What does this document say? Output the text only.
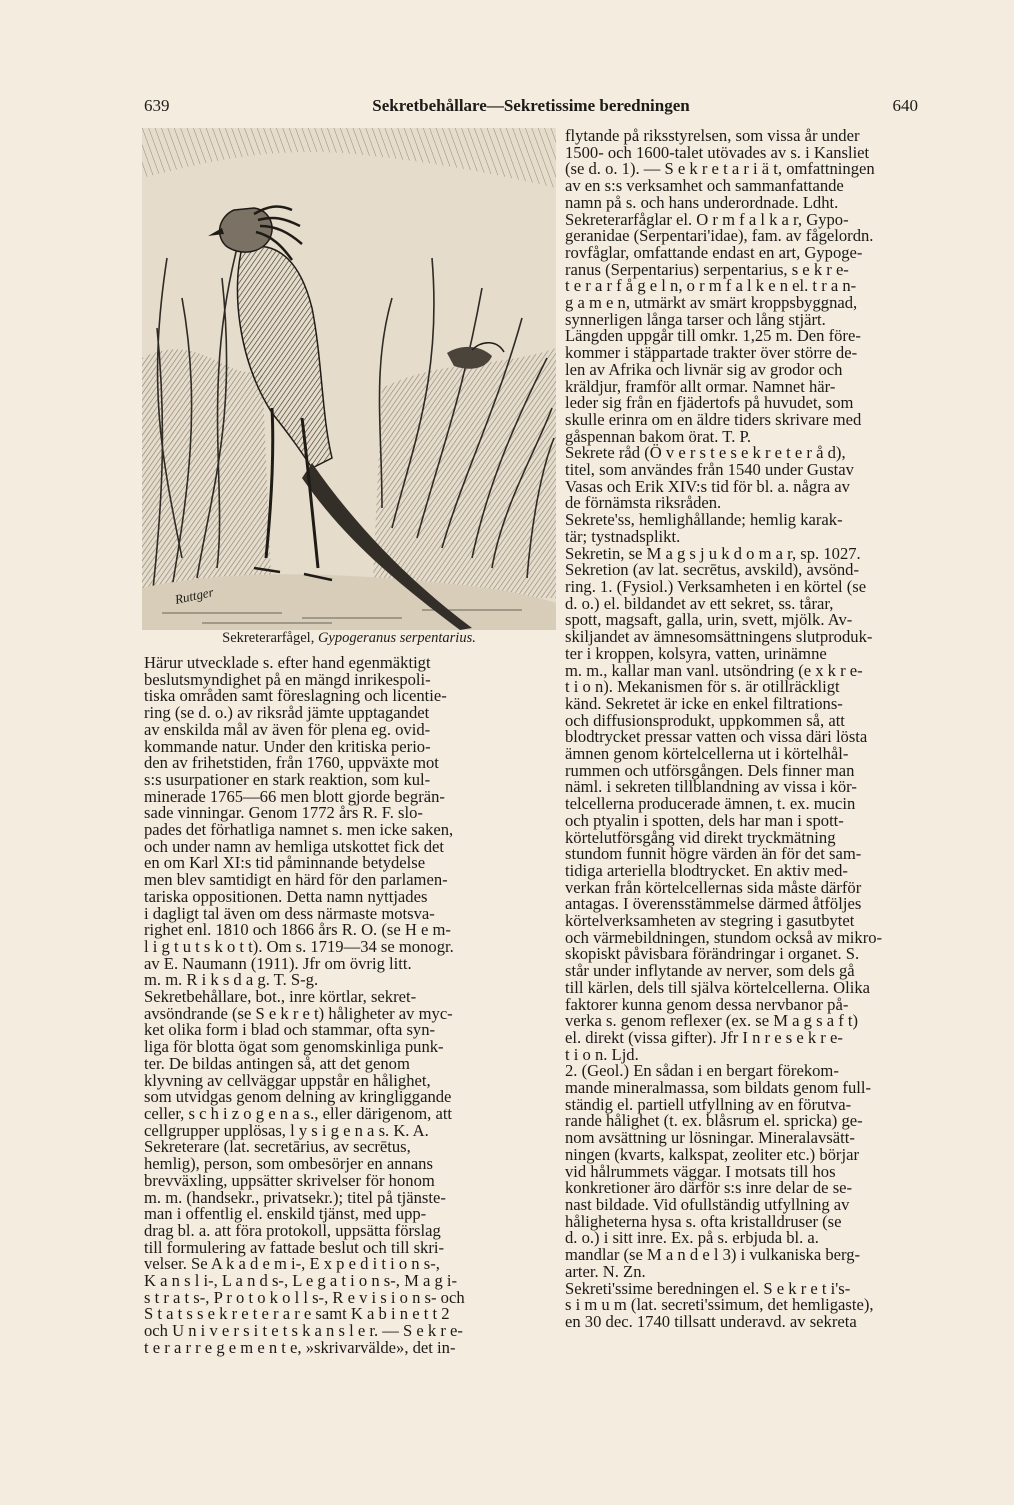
639	Sekretbehållare—Sekretissime beredningen	640
Ruttger
Sekreterarfågel, Gypogeranus serpentarius.
Härur utvecklade s. efter hand egenmäktigt
beslutsmyndighet på en mängd inrikespoli-
tiska områden samt föreslagning och licentie-
ring (se d. o.) av riksråd jämte upptagandet
av enskilda mål av även för plena eg. ovid-
kommande natur. Under den kritiska perio-
den av frihetstiden, från 1760, uppväxte mot
s:s usurpationer en stark reaktion, som kul-
minerade 1765—66 men blott gjorde begrän-
sade vinningar. Genom 1772 års R. F. slo-
pades det förhatliga namnet s. men icke saken,
och under namn av hemliga utskottet fick det
en om Karl XI:s tid påminnande betydelse
men blev samtidigt en härd för den parlamen-
tariska oppositionen. Detta namn nyttjades
i dagligt tal även om dess närmaste motsva-
righet enl. 1810 och 1866 års R. O. (se H e m-
l i g t u t s k o t t). Om s. 1719—34 se monogr.
av E. Naumann (1911). Jfr om övrig litt.
m. m. R i k s d a g. T. S-g.
Sekretbehållare, bot., inre körtlar, sekret-
avsöndrande (se S e k r e t) håligheter av myc-
ket olika form i blad och stammar, ofta syn-
liga för blotta ögat som genomskinliga punk-
ter. De bildas antingen så, att det genom
klyvning av cellväggar uppstår en hålighet,
som utvidgas genom delning av kringliggande
celler, s c h i z o g e n a s., eller därigenom, att
cellgrupper upplösas, l y s i g e n a s. K. A.
Sekreterare (lat. secretārius, av secrētus,
hemlig), person, som ombesörjer en annans
brevväxling, uppsätter skrivelser för honom
m. m. (handsekr., privatsekr.); titel på tjänste-
man i offentlig el. enskild tjänst, med upp-
drag bl. a. att föra protokoll, uppsätta förslag
till formulering av fattade beslut och till skri-
velser. Se A k a d e m i-, E x p e d i t i o n s-,
K a n s l i-, L a n d s-, L e g a t i o n s-, M a g i-
s t r a t s-, P r o t o k o l l s-, R e v i s i o n s- och
S t a t s s e k r e t e r a r e samt K a b i n e t t 2
och U n i v e r s i t e t s k a n s l e r. — S e k r e-
t e r a r r e g e m e n t e, »skrivarvälde», det in-
flytande på riksstyrelsen, som vissa år under
1500- och 1600-talet utövades av s. i Kansliet
(se d. o. 1). — S e k r e t a r i ä t, omfattningen
av en s:s verksamhet och sammanfattande
namn på s. och hans underordnade. Ldht.
Sekreterarfåglar el. O r m f a l k a r, Gypo-
geranidae (Serpentari'idae), fam. av fågelordn.
rovfåglar, omfattande endast en art, Gypoge-
ranus (Serpentarius) serpentarius, s e k r e-
t e r a r f å g e l n, o r m f a l k e n el. t r a n-
g a m e n, utmärkt av smärt kroppsbyggnad,
synnerligen långa tarser och lång stjärt.
Längden uppgår till omkr. 1,25 m. Den före-
kommer i stäppartade trakter över större de-
len av Afrika och livnär sig av grodor och
kräldjur, framför allt ormar. Namnet här-
leder sig från en fjädertofs på huvudet, som
skulle erinra om en äldre tiders skrivare med
gåspennan bakom örat. T. P.
Sekrete råd (Ö v e r s t e s e k r e t e r å d),
titel, som användes från 1540 under Gustav
Vasas och Erik XIV:s tid för bl. a. några av
de förnämsta riksråden.
Sekrete'ss, hemlighållande; hemlig karak-
tär; tystnadsplikt.
Sekretin, se M a g s j u k d o m a r, sp. 1027.
Sekretion (av lat. secrētus, avskild), avsönd-
ring. 1. (Fysiol.) Verksamheten i en körtel (se
d. o.) el. bildandet av ett sekret, ss. tårar,
spott, magsaft, galla, urin, svett, mjölk. Av-
skiljandet av ämnesomsättningens slutproduk-
ter i kroppen, kolsyra, vatten, urinämne
m. m., kallar man vanl. utsöndring (e x k r e-
t i o n). Mekanismen för s. är otillräckligt
känd. Sekretet är icke en enkel filtrations-
och diffusionsprodukt, uppkommen så, att
blodtrycket pressar vatten och vissa däri lösta
ämnen genom körtelcellerna ut i körtelhål-
rummen och utförsgången. Dels finner man
näml. i sekreten tillblandning av vissa i kör-
telcellerna producerade ämnen, t. ex. mucin
och ptyalin i spotten, dels har man i spott-
körtelutförsgång vid direkt tryckmätning
stundom funnit högre värden än för det sam-
tidiga arteriella blodtrycket. En aktiv med-
verkan från körtelcellernas sida måste därför
antagas. I överensstämmelse därmed åtföljes
körtelverksamheten av stegring i gasutbytet
och värmebildningen, stundom också av mikro-
skopiskt påvisbara förändringar i organet. S.
står under inflytande av nerver, som dels gå
till kärlen, dels till själva körtelcellerna. Olika
faktorer kunna genom dessa nervbanor på-
verka s. genom reflexer (ex. se M a g s a f t)
el. direkt (vissa gifter). Jfr I n r e s e k r e-
t i o n. Ljd.
2. (Geol.) En sådan i en bergart förekom-
mande mineralmassa, som bildats genom full-
ständig el. partiell utfyllning av en förutva-
rande hålighet (t. ex. blåsrum el. spricka) ge-
nom avsättning ur lösningar. Mineralavsätt-
ningen (kvarts, kalkspat, zeoliter etc.) börjar
vid hålrummets väggar. I motsats till hos
konkretioner äro därför s:s inre delar de se-
nast bildade. Vid ofullständig utfyllning av
håligheterna hysa s. ofta kristalldruser (se
d. o.) i sitt inre. Ex. på s. erbjuda bl. a.
mandlar (se M a n d e l 3) i vulkaniska berg-
arter. N. Zn.
Sekreti'ssime beredningen el. S e k r e t i's-
s i m u m (lat. secreti'ssimum, det hemligaste),
en 30 dec. 1740 tillsatt underavd. av sekreta
